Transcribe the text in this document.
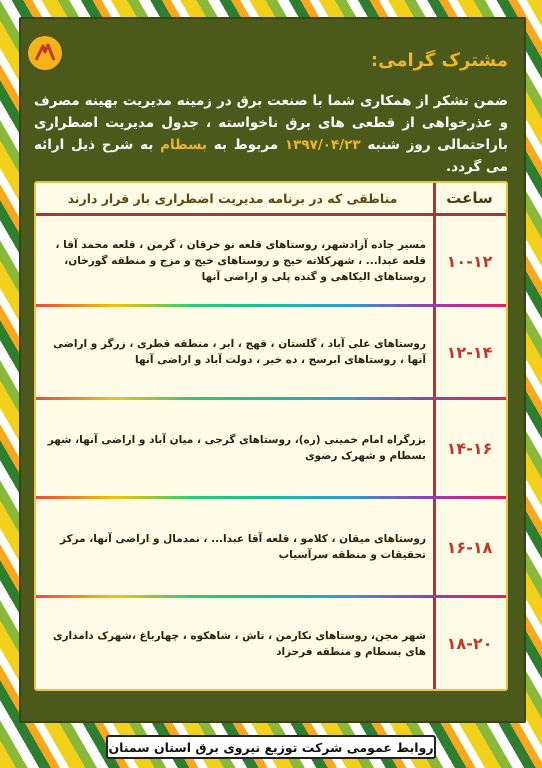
مشترک گرامی:
ضمن تشکر از همکاری شما با صنعت برق در زمینه مدیریت بهینه مصرف و عذرخواهی از قطعی های برق ناخواسته ، جدول مدیریت اضطراری باراحتمالی روز شنبه ۱۳۹۷/۰۴/۲۳ مربوط به بسطام به شرح ذیل ارائه می گردد.
ساعت
مناطقی که در برنامه مدیریت اضطراری بار قرار دارند
۱۰-۱۲
مسیر جاده آزادشهر، روستاهای قلعه نو خرقان ، گرمن ، قلعه محمد آقا ، قلعه عبدا... ، شهرکلاته خیج و روستاهای خیج و مزج و منطقه گورخان، روستاهای الیکاهی و گنده پلی و اراضی آنها
۱۲-۱۴
روستاهای علی آباد ، گلستان ، قهج ، ابر ، منطقه قطری ، زرگر و اراضی آنها ، روستاهای ابرسج ، ده خیر ، دولت آباد و اراضی آنها
۱۴-۱۶
بزرگراه امام خمینی (ره)، روستاهای گرجی ، میان آباد و اراضی آنها، شهر بسطام و شهرک رضوی
۱۶-۱۸
روستاهای میقان ، کلامو ، قلعه آقا عبدا... ، نمدمال و اراضی آنها، مرکز تحقیقات و منطقه سرآسیاب
۱۸-۲۰
شهر مجن، روستاهای نکارمن ، تاش ، شاهکوه ، چهارباغ ،شهرک دامداری های بسطام و منطقه فرحزاد
روابط عمومی شرکت توزیع نیروی برق استان سمنان
